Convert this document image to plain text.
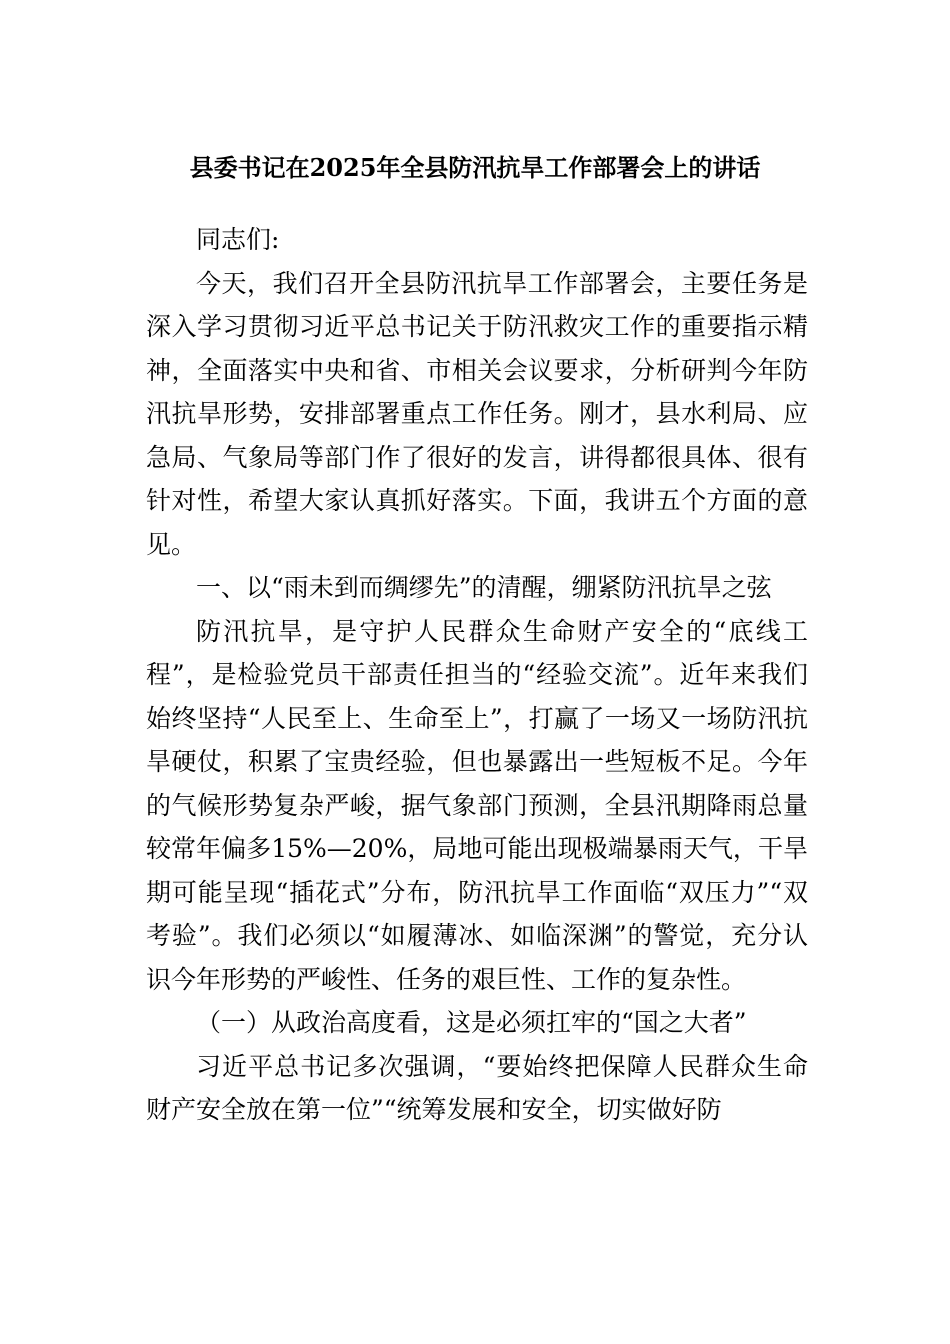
县委书记在2025年全县防汛抗旱工作部署会上的讲话

同志们:

今天，我们召开全县防汛抗旱工作部署会，主要任务是深入学习贯彻习近平总书记关于防汛救灾工作的重要指示精神，全面落实中央和省、市相关会议要求，分析研判今年防汛抗旱形势，安排部署重点工作任务。刚才，县水利局、应急局、气象局等部门作了很好的发言，讲得都很具体、很有针对性，希望大家认真抓好落实。下面，我讲五个方面的意见。

一、以“雨未到而绸缪先”的清醒，绷紧防汛抗旱之弦

防汛抗旱，是守护人民群众生命财产安全的“底线工程”，是检验党员干部责任担当的“经验交流”。近年来我们始终坚持“人民至上、生命至上”，打赢了一场又一场防汛抗旱硬仗，积累了宝贵经验，但也暴露出一些短板不足。今年的气候形势复杂严峻，据气象部门预测，全县汛期降雨总量较常年偏多15%—20%，局地可能出现极端暴雨天气，干旱期可能呈现“插花式”分布，防汛抗旱工作面临“双压力”“双考验”。我们必须以“如履薄冰、如临深渊”的警觉，充分认识今年形势的严峻性、任务的艰巨性、工作的复杂性。

（一）从政治高度看，这是必须扛牢的“国之大者”

习近平总书记多次强调，“要始终把保障人民群众生命财产安全放在第一位”“统筹发展和安全，切实做好防
